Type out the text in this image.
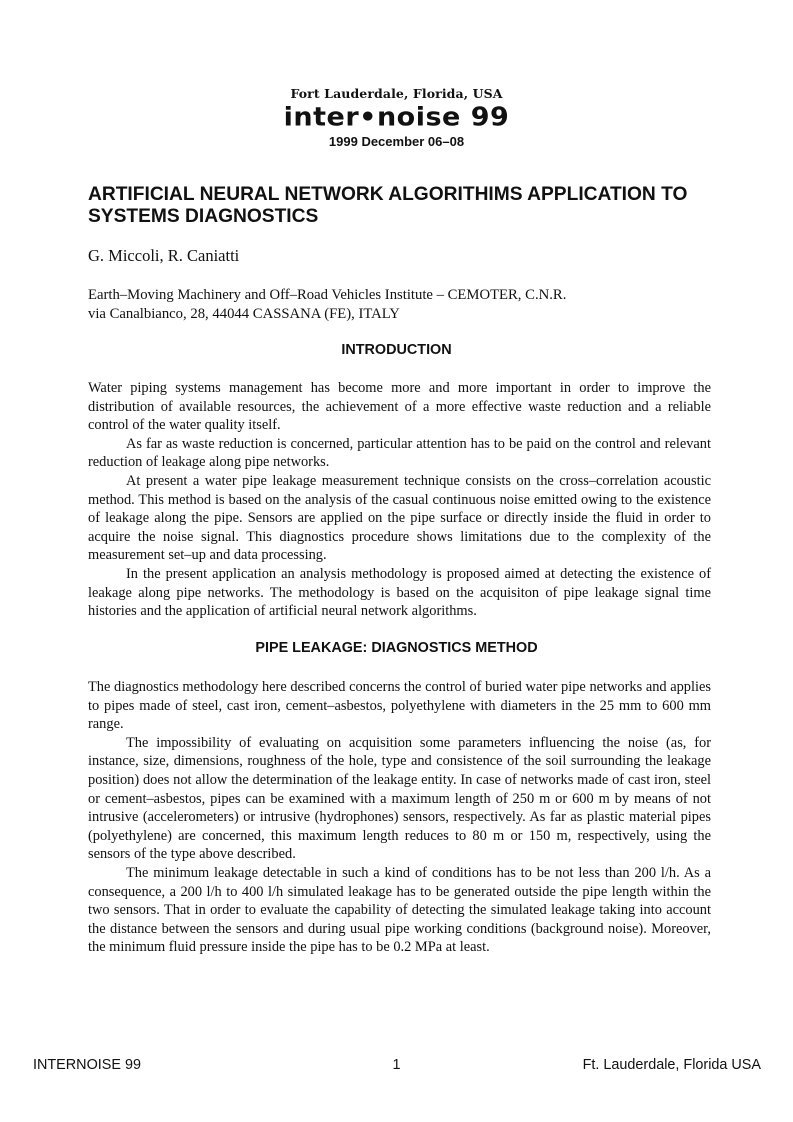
Fort Lauderdale, Florida, USA
inter•noise 99
1999 December 06–08
ARTIFICIAL NEURAL NETWORK ALGORITHIMS APPLICATION TO SYSTEMS DIAGNOSTICS
G. Miccoli, R. Caniatti
Earth–Moving Machinery and Off–Road Vehicles Institute – CEMOTER, C.N.R.
via Canalbianco, 28, 44044 CASSANA (FE), ITALY
INTRODUCTION

Water piping systems management has become more and more important in order to improve the distribution of available resources, the achievement of a more effective waste reduction and a reliable control of the water quality itself.

As far as waste reduction is concerned, particular attention has to be paid on the control and relevant reduction of leakage along pipe networks.

At present a water pipe leakage measurement technique consists on the cross–correlation acoustic method. This method is based on the analysis of the casual continuous noise emitted owing to the existence of leakage along the pipe. Sensors are applied on the pipe surface or directly inside the fluid in order to acquire the noise signal. This diagnostics procedure shows limitations due to the complexity of the measurement set–up and data processing.

In the present application an analysis methodology is proposed aimed at detecting the existence of leakage along pipe networks. The methodology is based on the acquisiton of pipe leakage signal time histories and the application of artificial neural network algorithms.

PIPE LEAKAGE: DIAGNOSTICS METHOD

The diagnostics methodology here described concerns the control of buried water pipe networks and applies to pipes made of steel, cast iron, cement–asbestos, polyethylene with diameters in the 25 mm to 600 mm range.

The impossibility of evaluating on acquisition some parameters influencing the noise (as, for instance, size, dimensions, roughness of the hole, type and consistence of the soil surrounding the leakage position) does not allow the determination of the leakage entity. In case of networks made of cast iron, steel or cement–asbestos, pipes can be examined with a maximum length of 250 m or 600 m by means of not intrusive (accelerometers) or intrusive (hydrophones) sensors, respectively. As far as plastic material pipes (polyethylene) are concerned, this maximum length reduces to 80 m or 150 m, respectively, using the sensors of the type above described.

The minimum leakage detectable in such a kind of conditions has to be not less than 200 l/h. As a consequence, a 200 l/h to 400 l/h simulated leakage has to be generated outside the pipe length within the two sensors. That in order to evaluate the capability of detecting the simulated leakage taking into account the distance between the sensors and during usual pipe working conditions (background noise). Moreover, the minimum fluid pressure inside the pipe has to be 0.2 MPa at least.

INTERNOISE 99	1	Ft. Lauderdale, Florida USA
